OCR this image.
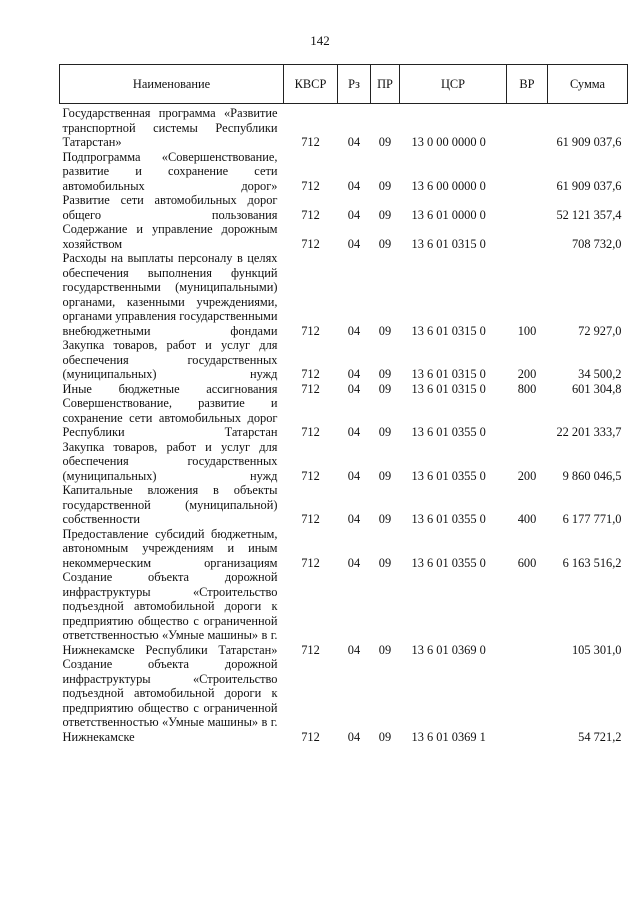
142
Наименование	КВСР	Рз	ПР	ЦСР	ВР	Сумма
Государственная программа «Развитие транспортной системы Республики Татарстан»	712	04	09	13 0 00 0000 0		61 909 037,6
Подпрограмма «Совершенствование, развитие и сохранение сети автомобильных дорог»	712	04	09	13 6 00 0000 0		61 909 037,6
Развитие сети автомобильных дорог общего пользования	712	04	09	13 6 01 0000 0		52 121 357,4
Содержание и управление дорожным хозяйством	712	04	09	13 6 01 0315 0		708 732,0
Расходы на выплаты персоналу в целях обеспечения выполнения функций государственными (муниципальными) органами, казенными учреждениями, органами управления государственными внебюджетными фондами	712	04	09	13 6 01 0315 0	100	72 927,0
Закупка товаров, работ и услуг для обеспечения государственных (муниципальных) нужд	712	04	09	13 6 01 0315 0	200	34 500,2
Иные бюджетные ассигнования	712	04	09	13 6 01 0315 0	800	601 304,8
Совершенствование, развитие и сохранение сети автомобильных дорог Республики Татарстан	712	04	09	13 6 01 0355 0		22 201 333,7
Закупка товаров, работ и услуг для обеспечения государственных (муниципальных) нужд	712	04	09	13 6 01 0355 0	200	9 860 046,5
Капитальные вложения в объекты государственной (муниципальной) собственности	712	04	09	13 6 01 0355 0	400	6 177 771,0
Предоставление субсидий бюджетным, автономным учреждениям и иным некоммерческим организациям	712	04	09	13 6 01 0355 0	600	6 163 516,2
Создание объекта дорожной инфраструктуры «Строительство подъездной автомобильной дороги к предприятию общество с ограниченной ответственностью «Умные машины» в г. Нижнекамске Республики Татарстан»	712	04	09	13 6 01 0369 0		105 301,0
Создание объекта дорожной инфраструктуры «Строительство подъездной автомобильной дороги к предприятию общество с ограниченной ответственностью «Умные машины» в г. Нижнекамске	712	04	09	13 6 01 0369 1		54 721,2
